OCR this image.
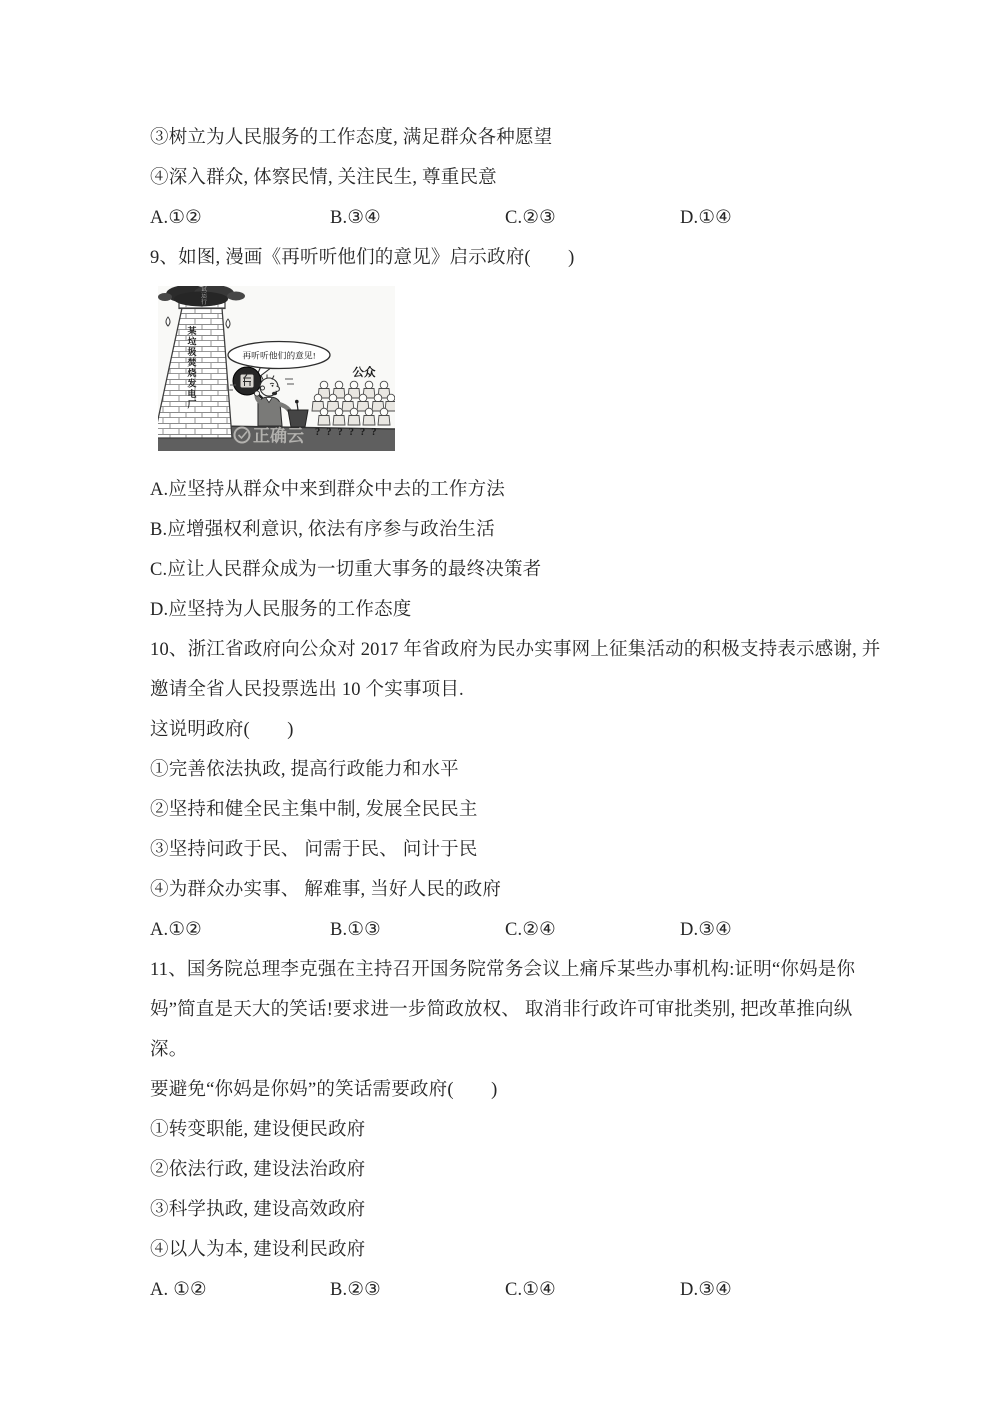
③树立为人民服务的工作态度, 满足群众各种愿望
④深入群众, 体察民情, 关注民生, 尊重民意
A.①②	B.③④	C.②③	D.①④
9、如图, 漫画《再听听他们的意见》启示政府(　　)
试运行
某垃圾焚烧发电厂
再听听他们的意见!
公众
??????
正确云
A.应坚持从群众中来到群众中去的工作方法
B.应增强权利意识, 依法有序参与政治生活
C.应让人民群众成为一切重大事务的最终决策者
D.应坚持为人民服务的工作态度
10、浙江省政府向公众对 2017 年省政府为民办实事网上征集活动的积极支持表示感谢, 并
邀请全省人民投票选出 10 个实事项目.
这说明政府(　　)
①完善依法执政, 提高行政能力和水平
②坚持和健全民主集中制, 发展全民民主
③坚持问政于民、 问需于民、 问计于民
④为群众办实事、 解难事, 当好人民的政府
A.①②	B.①③	C.②④	D.③④
11、国务院总理李克强在主持召开国务院常务会议上痛斥某些办事机构:证明“你妈是你
妈”简直是天大的笑话!要求进一步简政放权、 取消非行政许可审批类别, 把改革推向纵
深。
要避免“你妈是你妈”的笑话需要政府(　　)
①转变职能, 建设便民政府
②依法行政, 建设法治政府
③科学执政, 建设高效政府
④以人为本, 建设利民政府
A. ①②	B.②③	C.①④	D.③④
